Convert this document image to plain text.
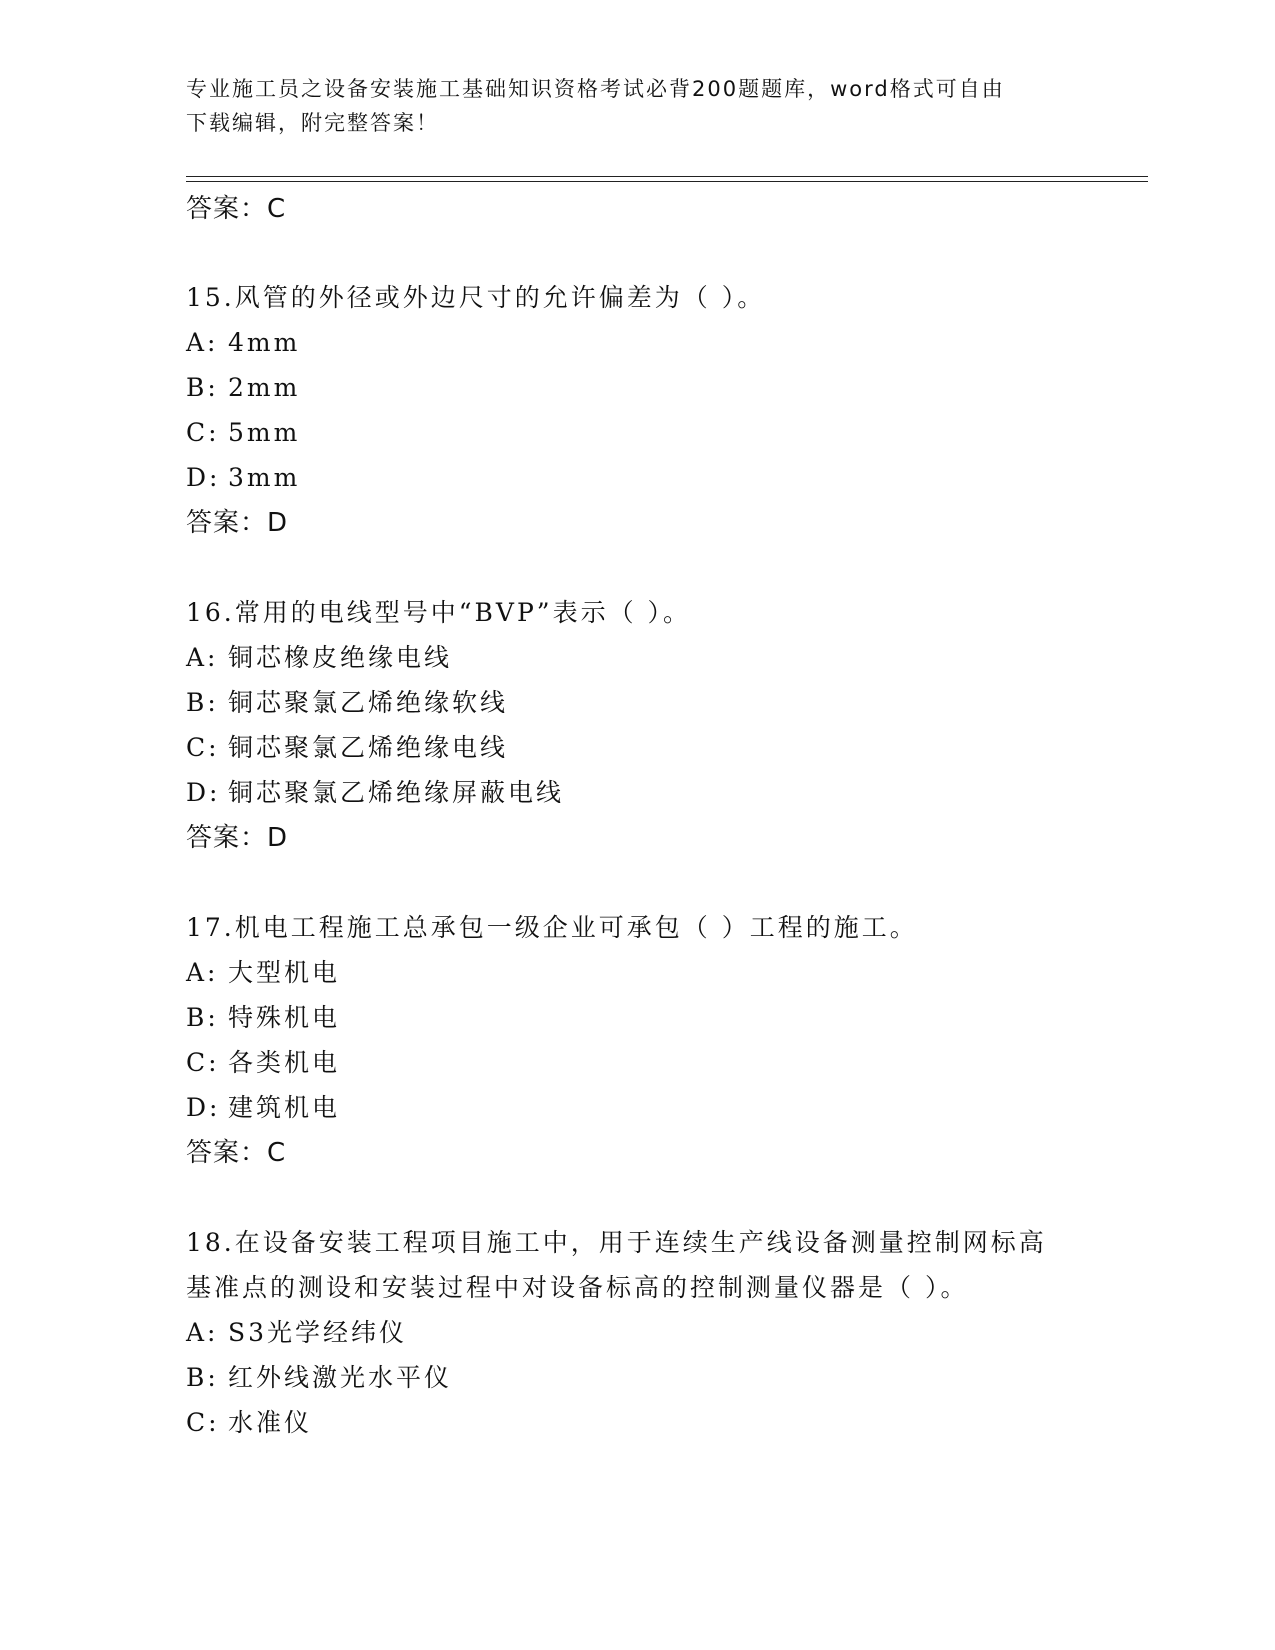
专业施工员之设备安装施工基础知识资格考试必背200题题库，word格式可自由
下载编辑，附完整答案！
答案：C

15.风管的外径或外边尺寸的允许偏差为（ ）。

A: 4mm

B: 2mm

C: 5mm

D: 3mm

答案：D

16.常用的电线型号中“BVP”表示（ ）。

A: 铜芯橡皮绝缘电线

B: 铜芯聚氯乙烯绝缘软线

C: 铜芯聚氯乙烯绝缘电线

D: 铜芯聚氯乙烯绝缘屏蔽电线

答案：D

17.机电工程施工总承包一级企业可承包（ ）工程的施工。

A: 大型机电

B: 特殊机电

C: 各类机电

D: 建筑机电

答案：C

18.在设备安装工程项目施工中，用于连续生产线设备测量控制网标高

基准点的测设和安装过程中对设备标高的控制测量仪器是（ ）。

A: S3光学经纬仪

B: 红外线激光水平仪

C: 水准仪
